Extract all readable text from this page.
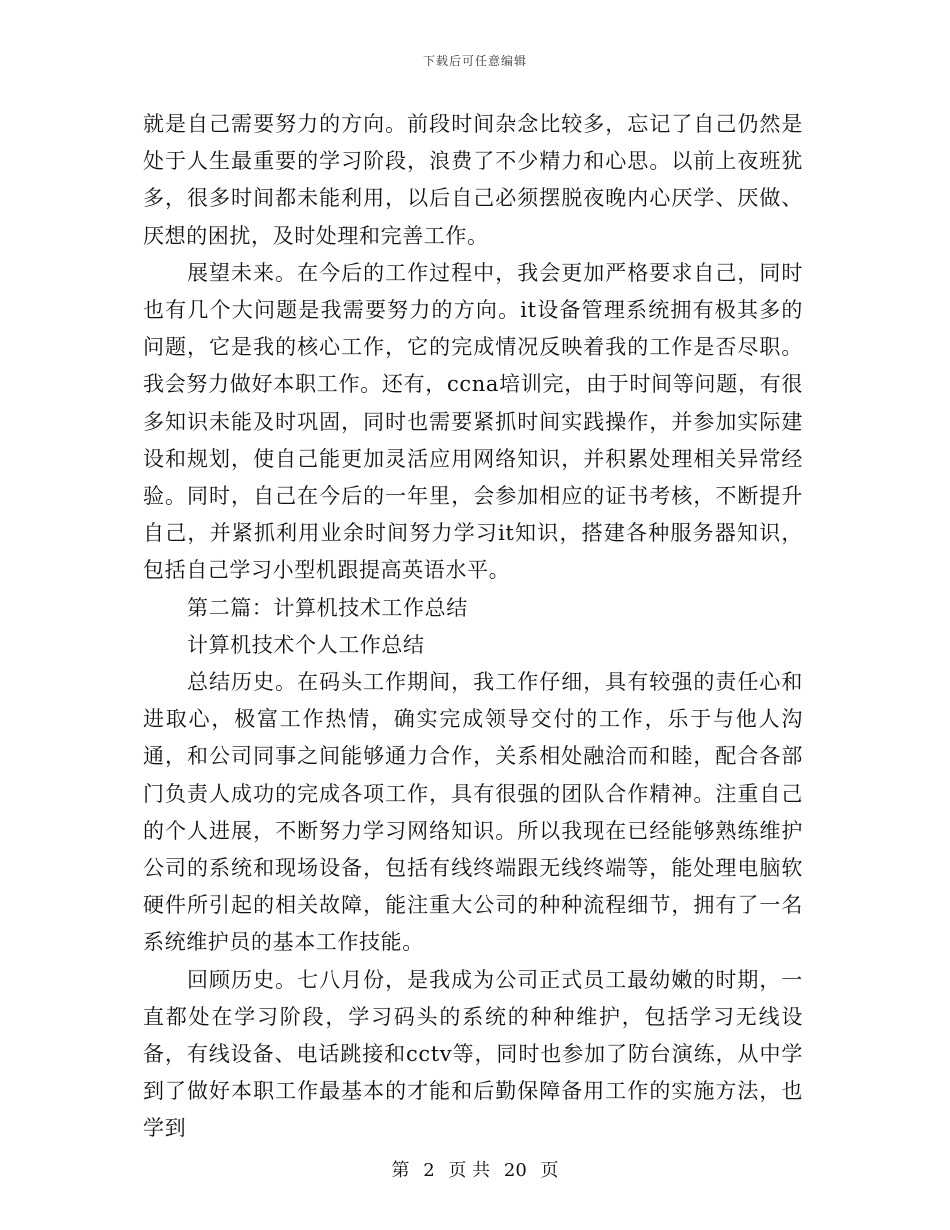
下载后可任意编辑

就是自己需要努力的方向。前段时间杂念比较多，忘记了自己仍然是处于人生最重要的学习阶段，浪费了不少精力和心思。以前上夜班犹多，很多时间都未能利用，以后自己必须摆脱夜晚内心厌学、厌做、厌想的困扰，及时处理和完善工作。

展望未来。在今后的工作过程中，我会更加严格要求自己，同时也有几个大问题是我需要努力的方向。it设备管理系统拥有极其多的问题，它是我的核心工作，它的完成情况反映着我的工作是否尽职。我会努力做好本职工作。还有，ccna培训完，由于时间等问题，有很多知识未能及时巩固，同时也需要紧抓时间实践操作，并参加实际建设和规划，使自己能更加灵活应用网络知识，并积累处理相关异常经验。同时，自己在今后的一年里，会参加相应的证书考核，不断提升自己，并紧抓利用业余时间努力学习it知识，搭建各种服务器知识，包括自己学习小型机跟提高英语水平。

第二篇：计算机技术工作总结

计算机技术个人工作总结

总结历史。在码头工作期间，我工作仔细，具有较强的责任心和进取心，极富工作热情，确实完成领导交付的工作，乐于与他人沟通，和公司同事之间能够通力合作，关系相处融洽而和睦，配合各部门负责人成功的完成各项工作，具有很强的团队合作精神。注重自己的个人进展，不断努力学习网络知识。所以我现在已经能够熟练维护公司的系统和现场设备，包括有线终端跟无线终端等，能处理电脑软硬件所引起的相关故障，能注重大公司的种种流程细节，拥有了一名系统维护员的基本工作技能。

回顾历史。七八月份，是我成为公司正式员工最幼嫩的时期，一直都处在学习阶段，学习码头的系统的种种维护，包括学习无线设备，有线设备、电话跳接和cctv等，同时也参加了防台演练，从中学到了做好本职工作最基本的才能和后勤保障备用工作的实施方法，也学到

第 2 页 共 20 页
